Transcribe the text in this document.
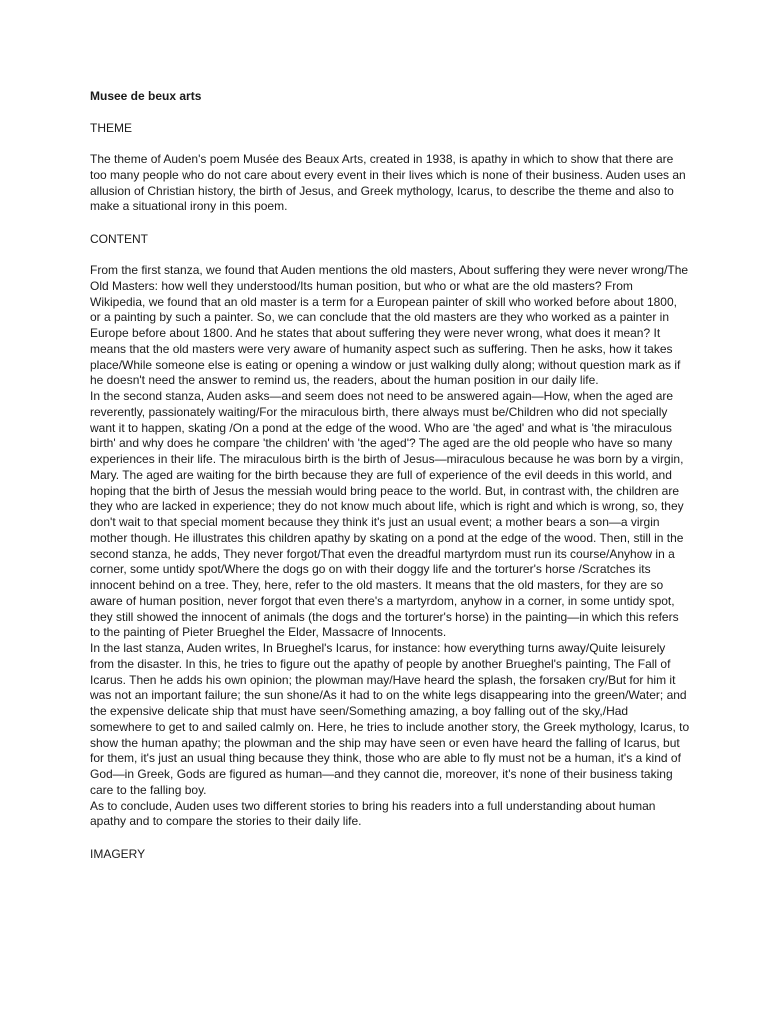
Musee de beux arts
THEME

The theme of Auden's poem Musée des Beaux Arts, created in 1938, is apathy in which to show that there are too many people who do not care about every event in their lives which is none of their business. Auden uses an allusion of Christian history, the birth of Jesus, and Greek mythology, Icarus, to describe the theme and also to make a situational irony in this poem.

CONTENT

From the first stanza, we found that Auden mentions the old masters, About suffering they were never wrong/The Old Masters: how well they understood/Its human position, but who or what are the old masters? From Wikipedia, we found that an old master is a term for a European painter of skill who worked before about 1800, or a painting by such a painter. So, we can conclude that the old masters are they who worked as a painter in Europe before about 1800. And he states that about suffering they were never wrong, what does it mean? It means that the old masters were very aware of humanity aspect such as suffering. Then he asks, how it takes place/While someone else is eating or opening a window or just walking dully along; without question mark as if he doesn't need the answer to remind us, the readers, about the human position in our daily life.

In the second stanza, Auden asks—and seem does not need to be answered again—How, when the aged are reverently, passionately waiting/For the miraculous birth, there always must be/Children who did not specially want it to happen, skating /On a pond at the edge of the wood. Who are 'the aged' and what is 'the miraculous birth' and why does he compare 'the children' with 'the aged'? The aged are the old people who have so many experiences in their life. The miraculous birth is the birth of Jesus—miraculous because he was born by a virgin, Mary. The aged are waiting for the birth because they are full of experience of the evil deeds in this world, and hoping that the birth of Jesus the messiah would bring peace to the world. But, in contrast with, the children are they who are lacked in experience; they do not know much about life, which is right and which is wrong, so, they don't wait to that special moment because they think it's just an usual event; a mother bears a son—a virgin mother though. He illustrates this children apathy by skating on a pond at the edge of the wood. Then, still in the second stanza, he adds, They never forgot/That even the dreadful martyrdom must run its course/Anyhow in a corner, some untidy spot/Where the dogs go on with their doggy life and the torturer's horse /Scratches its innocent behind on a tree. They, here, refer to the old masters. It means that the old masters, for they are so aware of human position, never forgot that even there's a martyrdom, anyhow in a corner, in some untidy spot, they still showed the innocent of animals (the dogs and the torturer's horse) in the painting—in which this refers to the painting of Pieter Brueghel the Elder, Massacre of Innocents.

In the last stanza, Auden writes, In Brueghel's Icarus, for instance: how everything turns away/Quite leisurely from the disaster. In this, he tries to figure out the apathy of people by another Brueghel's painting, The Fall of Icarus. Then he adds his own opinion; the plowman may/Have heard the splash, the forsaken cry/But for him it was not an important failure; the sun shone/As it had to on the white legs disappearing into the green/Water; and the expensive delicate ship that must have seen/Something amazing, a boy falling out of the sky,/Had somewhere to get to and sailed calmly on. Here, he tries to include another story, the Greek mythology, Icarus, to show the human apathy; the plowman and the ship may have seen or even have heard the falling of Icarus, but for them, it's just an usual thing because they think, those who are able to fly must not be a human, it's a kind of God—in Greek, Gods are figured as human—and they cannot die, moreover, it's none of their business taking care to the falling boy.

As to conclude, Auden uses two different stories to bring his readers into a full understanding about human apathy and to compare the stories to their daily life.

IMAGERY
